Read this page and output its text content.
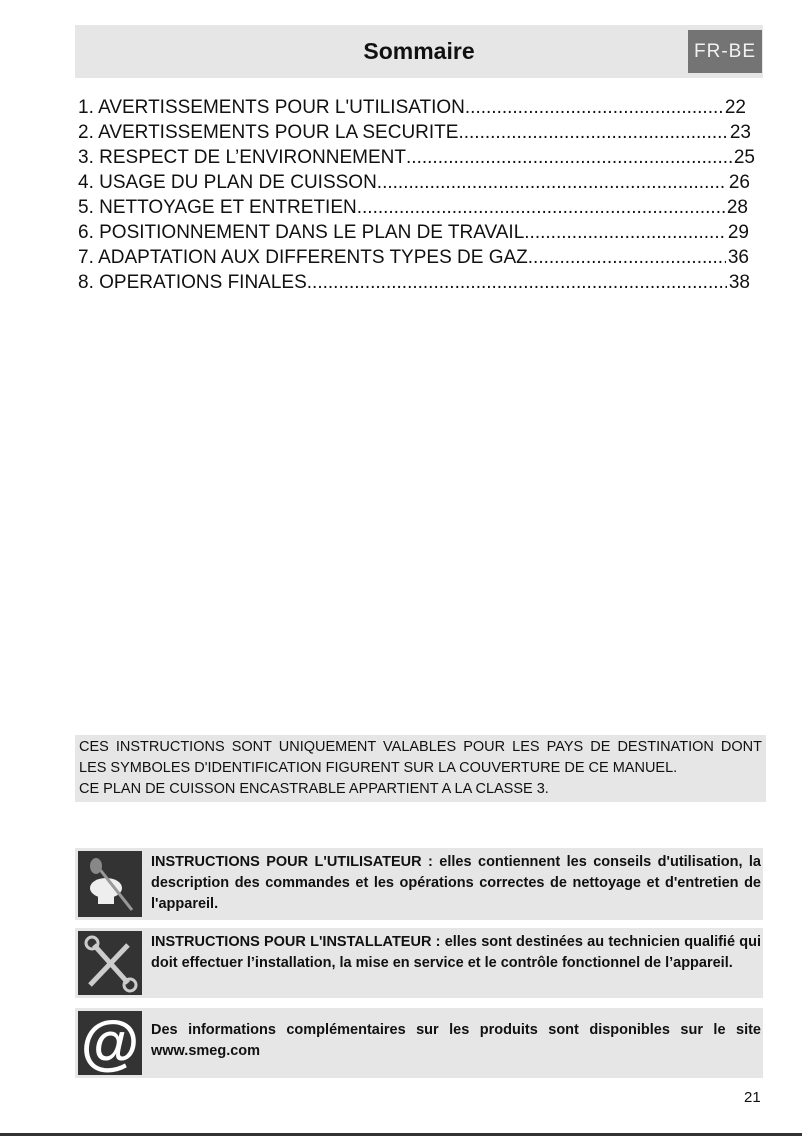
Sommaire	FR-BE
1. AVERTISSEMENTS POUR L'UTILISATION .....	22
2. AVERTISSEMENTS POUR LA SECURITE .....	23
3. RESPECT DE L’ENVIRONNEMENT .....	25
4. USAGE DU PLAN DE CUISSON .....	26
5. NETTOYAGE ET ENTRETIEN .....	28
6. POSITIONNEMENT DANS LE PLAN DE TRAVAIL .....	29
7. ADAPTATION AUX DIFFERENTS TYPES DE GAZ .....	36
8. OPERATIONS FINALES .....	38
CES INSTRUCTIONS SONT UNIQUEMENT VALABLES POUR LES PAYS DE DESTINATION DONT LES SYMBOLES D'IDENTIFICATION FIGURENT SUR LA COUVERTURE DE CE MANUEL.
CE PLAN DE CUISSON ENCASTRABLE APPARTIENT A LA CLASSE 3.

INSTRUCTIONS POUR L'UTILISATEUR : elles contiennent les conseils d'utilisation, la description des commandes et les opérations correctes de nettoyage et d'entretien de l'appareil.

INSTRUCTIONS POUR L'INSTALLATEUR : elles sont destinées au technicien qualifié qui doit effectuer l’installation, la mise en service et le contrôle fonctionnel de l’appareil.

@ Des informations complémentaires sur les produits sont disponibles sur le site www.smeg.com

21
